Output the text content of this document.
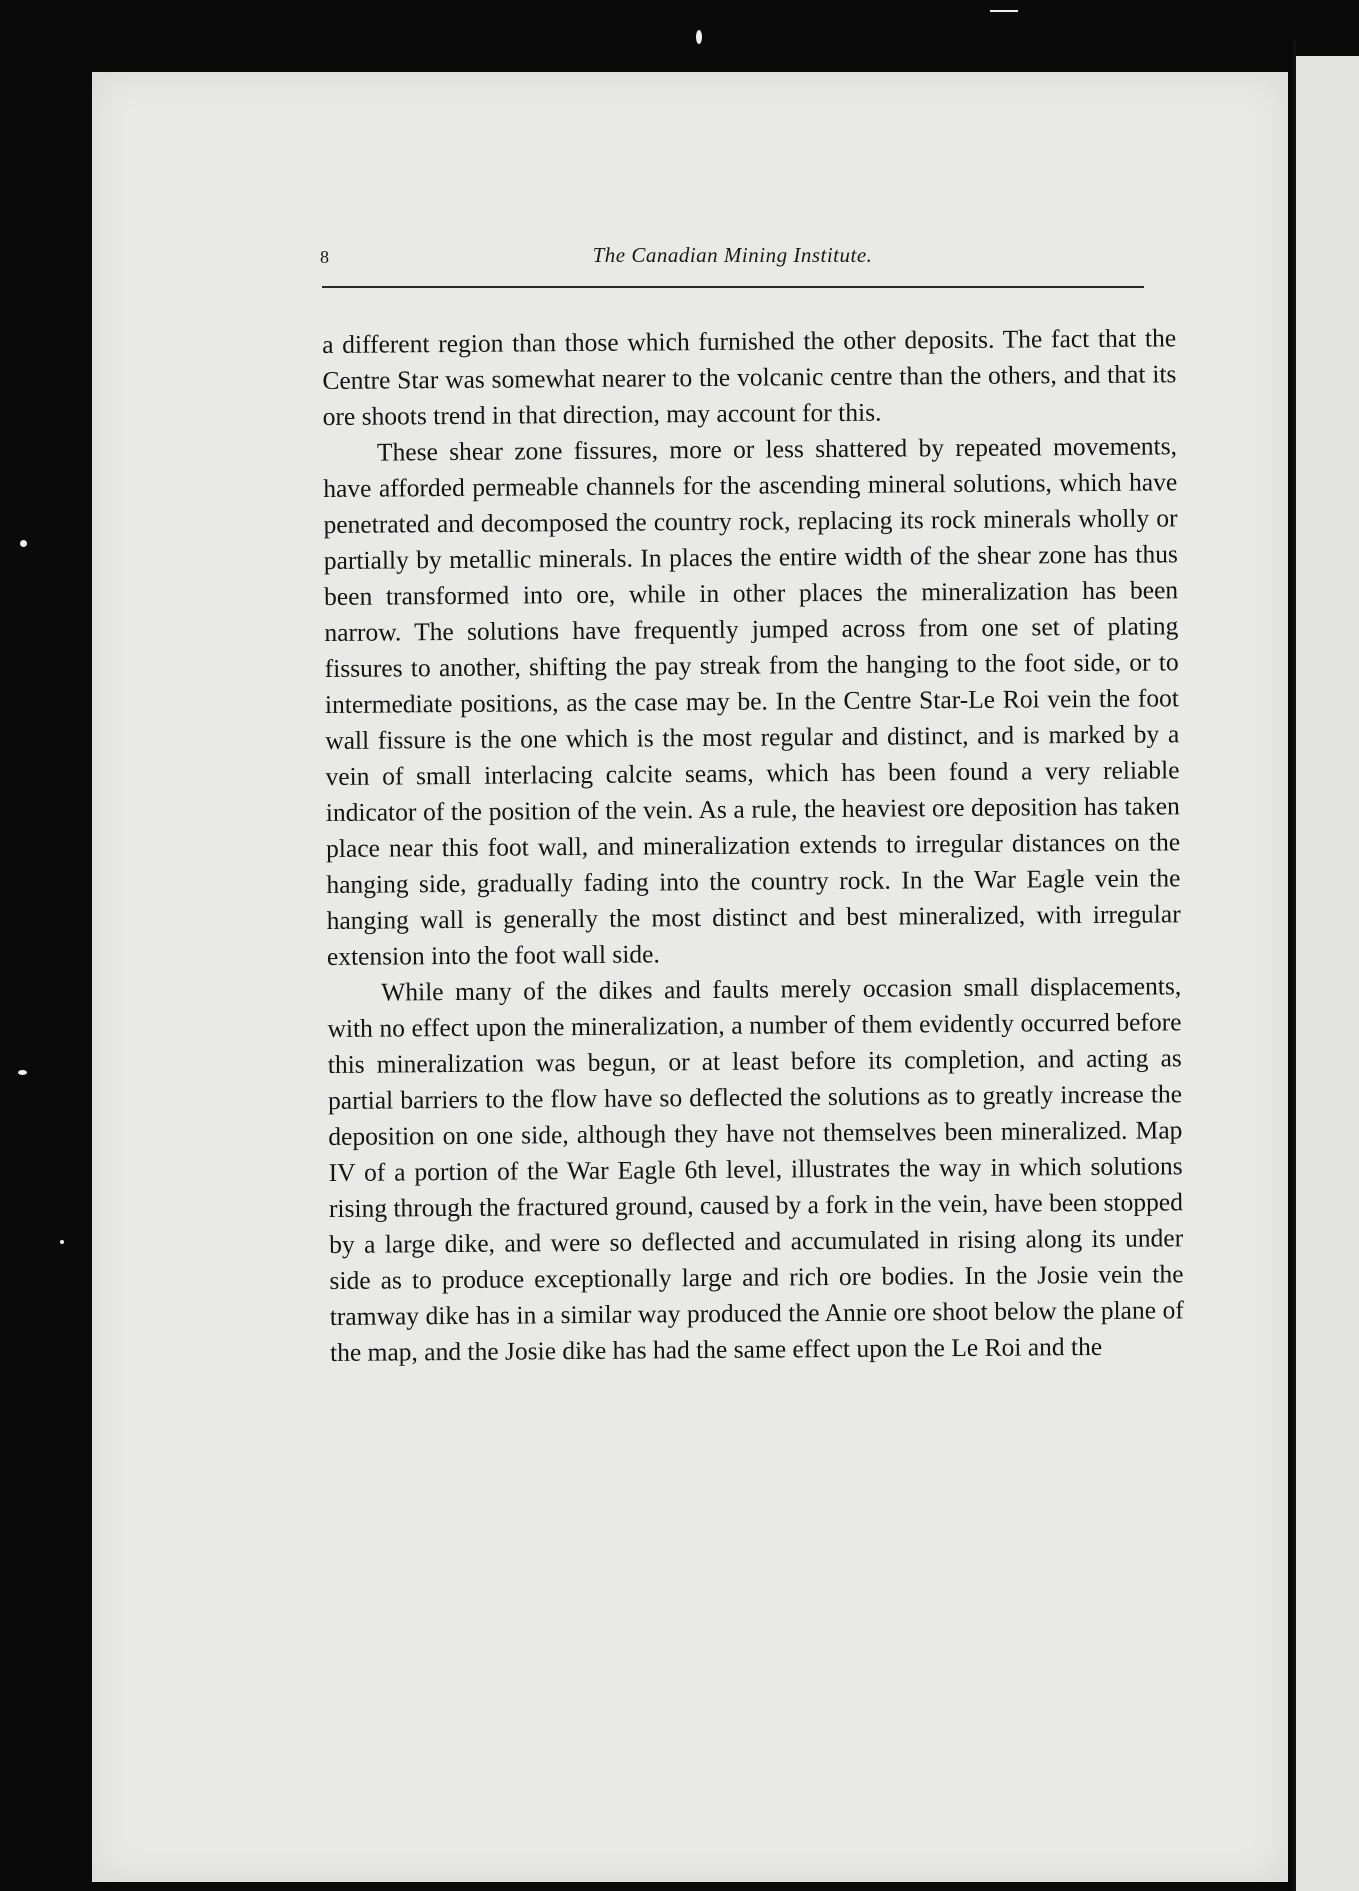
8	The Canadian Mining Institute.

a different region than those which furnished the other deposits. The fact that the Centre Star was somewhat nearer to the volcanic centre than the others, and that its ore shoots trend in that direction, may account for this.

These shear zone fissures, more or less shattered by repeated movements, have afforded permeable channels for the ascending mineral solutions, which have penetrated and decomposed the country rock, replacing its rock minerals wholly or partially by metallic minerals. In places the entire width of the shear zone has thus been transformed into ore, while in other places the mineralization has been narrow. The solutions have frequently jumped across from one set of plating fissures to another, shifting the pay streak from the hanging to the foot side, or to intermediate positions, as the case may be. In the Centre Star-Le Roi vein the foot wall fissure is the one which is the most regular and distinct, and is marked by a vein of small interlacing calcite seams, which has been found a very reliable indicator of the position of the vein. As a rule, the heaviest ore deposition has taken place near this foot wall, and mineralization extends to irregular distances on the hanging side, gradually fading into the country rock. In the War Eagle vein the hanging wall is generally the most distinct and best mineralized, with irregular extension into the foot wall side.

While many of the dikes and faults merely occasion small displacements, with no effect upon the mineralization, a number of them evidently occurred before this mineralization was begun, or at least before its completion, and acting as partial barriers to the flow have so deflected the solutions as to greatly increase the deposition on one side, although they have not themselves been mineralized. Map IV of a portion of the War Eagle 6th level, illustrates the way in which solutions rising through the fractured ground, caused by a fork in the vein, have been stopped by a large dike, and were so deflected and accumulated in rising along its under side as to produce exceptionally large and rich ore bodies. In the Josie vein the tramway dike has in a similar way produced the Annie ore shoot below the plane of the map, and the Josie dike has had the same effect upon the Le Roi and the
